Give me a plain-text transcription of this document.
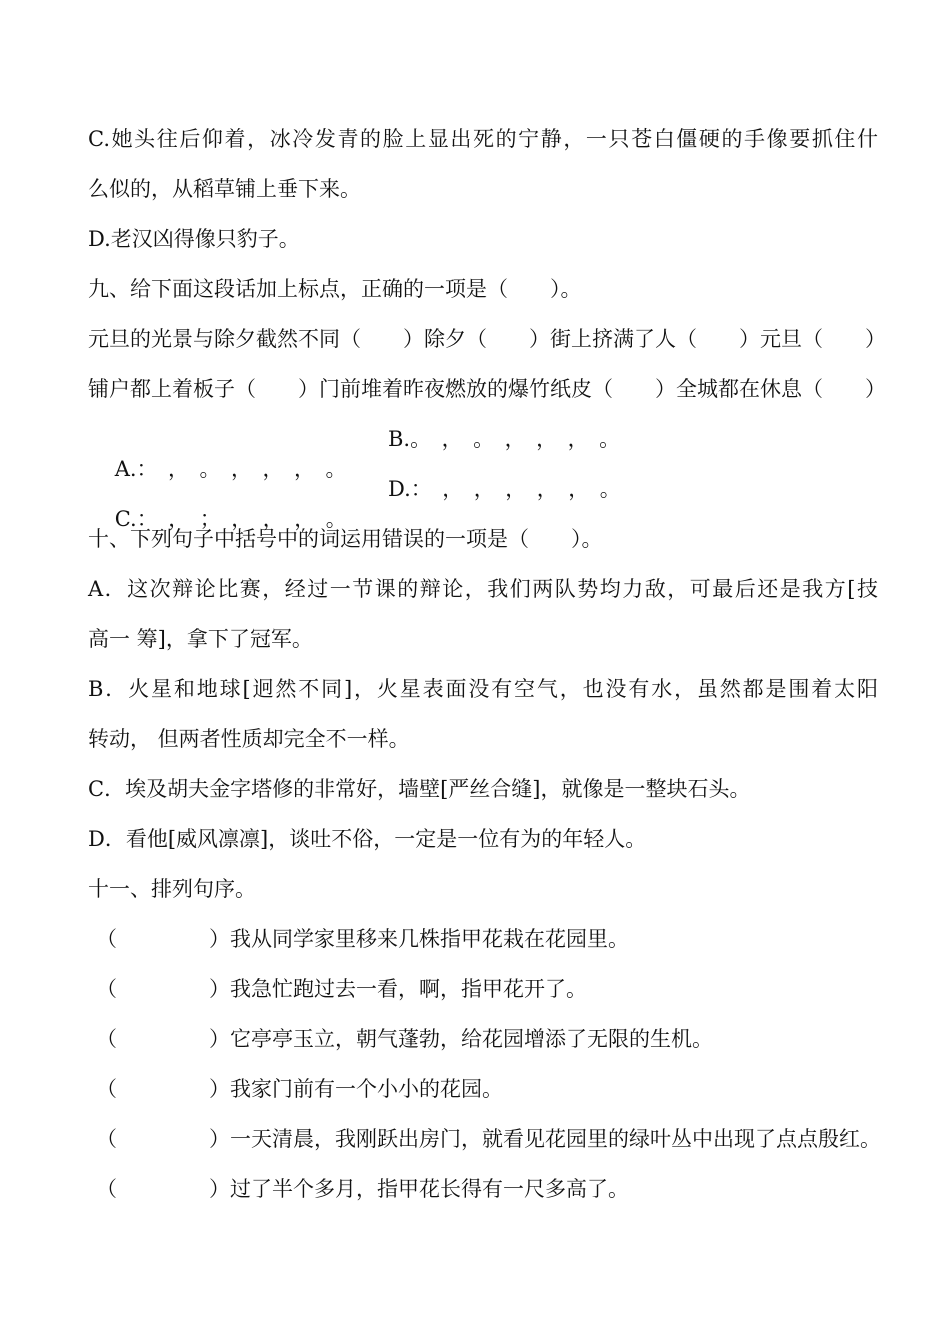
C.她头往后仰着，冰冷发青的脸上显出死的宁静，一只苍白僵硬的手像要抓住什
么似的，从稻草铺上垂下来。
D.老汉凶得像只豹子。
九、给下面这段话加上标点，正确的一项是（　　）。
元旦的光景与除夕截然不同（　　）除夕（　　）街上挤满了人（　　）元旦（　　）
铺户都上着板子（　　）门前堆着昨夜燃放的爆竹纸皮（　　）全城都在休息（　　）

A.：　，　。　，　，　，　。

B.。　，　。　，　，　，　。

C.：　，　；　，　，　，　。

D.：　，　，　，　，　，　。

十、下列句子中括号中的词运用错误的一项是（　　）。
A．这次辩论比赛，经过一节课的辩论，我们两队势均力敌，可最后还是我方[技
高一 筹]，拿下了冠军。
B．火星和地球[迥然不同]，火星表面没有空气，也没有水，虽然都是围着太阳
转动， 但两者性质却完全不一样。
C．埃及胡夫金字塔修的非常好，墙壁[严丝合缝]，就像是一整块石头。
D．看他[威风凛凛]，谈吐不俗，一定是一位有为的年轻人。
十一、排列句序。
（	）我从同学家里移来几株指甲花栽在花园里。
（	）我急忙跑过去一看，啊，指甲花开了。
（	）它亭亭玉立，朝气蓬勃，给花园增添了无限的生机。
（	）我家门前有一个小小的花园。
（	）一天清晨，我刚跃出房门，就看见花园里的绿叶丛中出现了点点殷红。
（	）过了半个多月，指甲花长得有一尺多高了。
